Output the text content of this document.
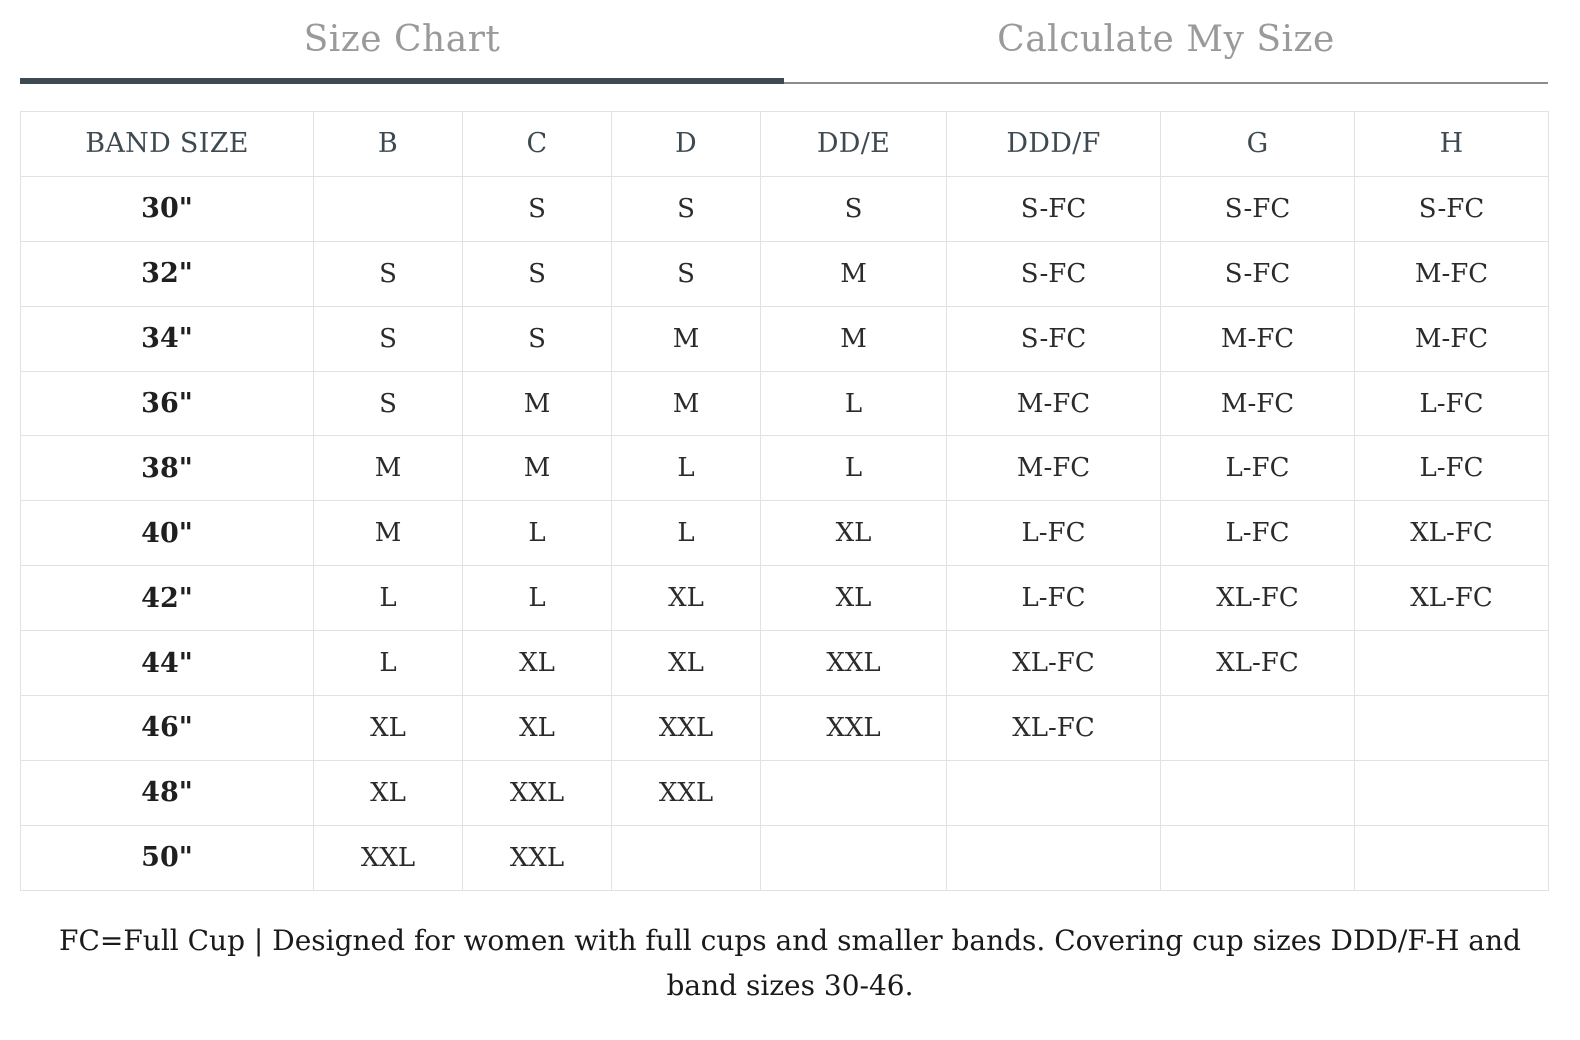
Size Chart	Calculate My Size
BAND SIZE	B	C	D	DD/E	DDD/F	G	H
30"		S	S	S	S-FC	S-FC	S-FC
32"	S	S	S	M	S-FC	S-FC	M-FC
34"	S	S	M	M	S-FC	M-FC	M-FC
36"	S	M	M	L	M-FC	M-FC	L-FC
38"	M	M	L	L	M-FC	L-FC	L-FC
40"	M	L	L	XL	L-FC	L-FC	XL-FC
42"	L	L	XL	XL	L-FC	XL-FC	XL-FC
44"	L	XL	XL	XXL	XL-FC	XL-FC	
46"	XL	XL	XXL	XXL	XL-FC		
48"	XL	XXL	XXL				
50"	XXL	XXL					
FC=Full Cup | Designed for women with full cups and smaller bands. Covering cup sizes DDD/F-H and band sizes 30-46.
